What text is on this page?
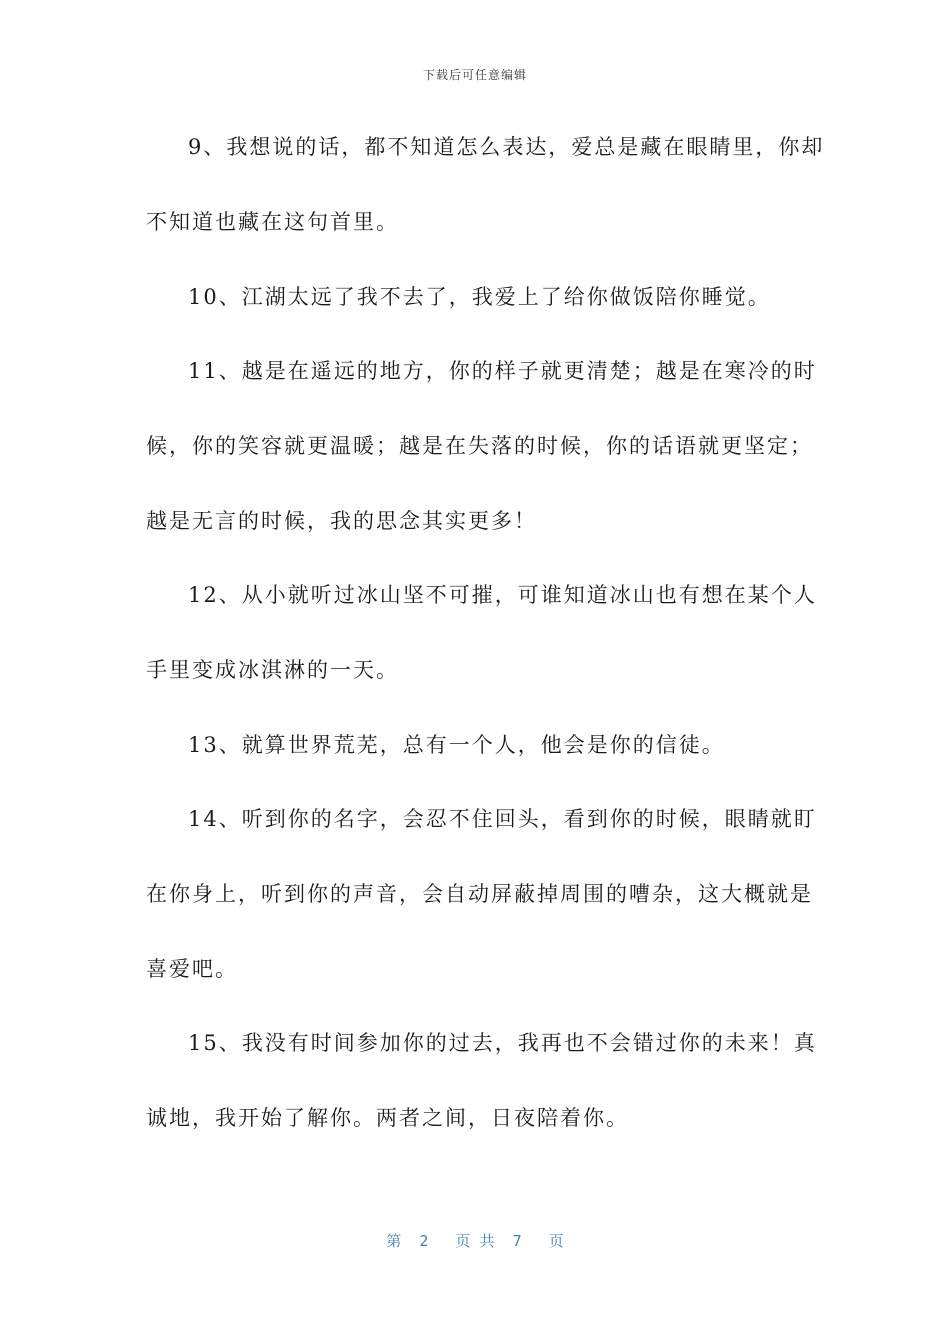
下载后可任意编辑
9、我想说的话，都不知道怎么表达，爱总是藏在眼睛里，你却
不知道也藏在这句首里。
10、江湖太远了我不去了，我爱上了给你做饭陪你睡觉。
11、越是在遥远的地方，你的样子就更清楚；越是在寒冷的时
候，你的笑容就更温暖；越是在失落的时候，你的话语就更坚定；
越是无言的时候，我的思念其实更多！
12、从小就听过冰山坚不可摧，可谁知道冰山也有想在某个人
手里变成冰淇淋的一天。
13、就算世界荒芜，总有一个人，他会是你的信徒。
14、听到你的名字，会忍不住回头，看到你的时候，眼睛就盯
在你身上，听到你的声音，会自动屏蔽掉周围的嘈杂，这大概就是
喜爱吧。
15、我没有时间参加你的过去，我再也不会错过你的未来！真
诚地，我开始了解你。两者之间，日夜陪着你。
第  2   页 共  7   页
